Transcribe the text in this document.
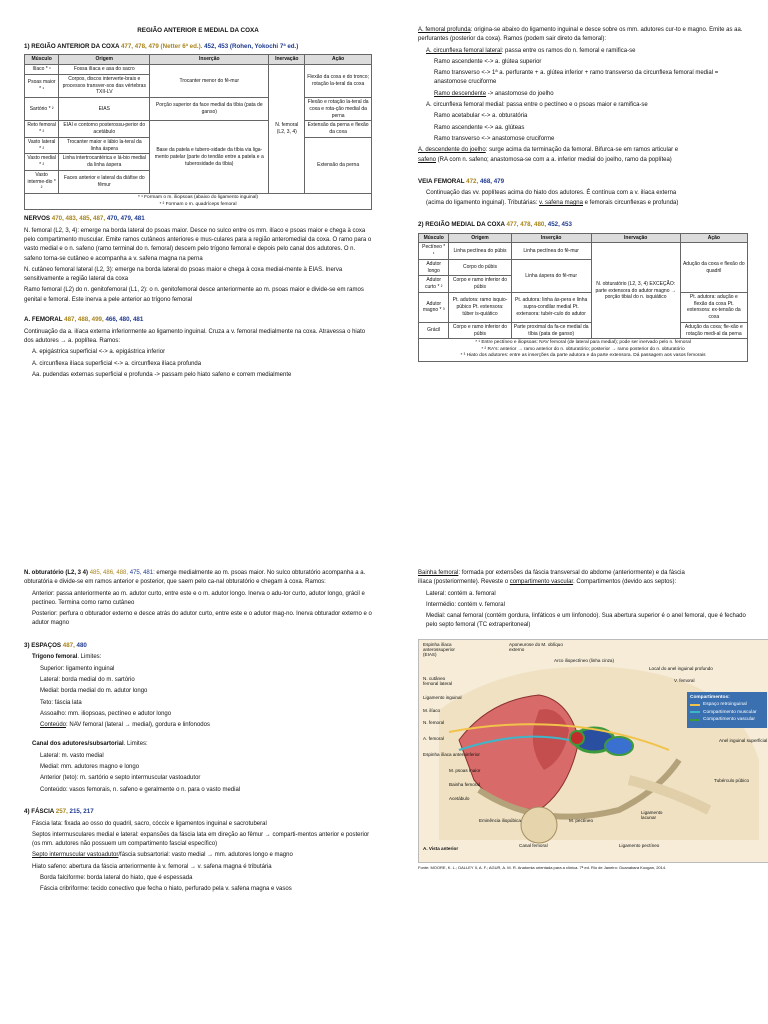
REGIÃO ANTERIOR E MEDIAL DA COXA
1) REGIÃO ANTERIOR DA COXA 477, 478, 479 (Netter 6ª ed.). 452, 453 (Rohen, Yokochi 7ª ed.)
Músculo	Origem	Inserção	Inervação	Ação
Ilíaco * ¹	Fossa ilíaca e asa do sacro	Trocanter menor do fê-mur	N. femoral (L2, 3, 4)	Flexão da coxa e do tronco; rotação la-teral da coxa
Psoas maior * ¹	Corpos, discos interverte-brais e processos transver-sos das vértebras TXII-LV			
Sartório * ²	EIAS	Porção superior da face medial da tíbia (pata de ganso)		Flexão e rotação la-teral da coxa e rota-ção medial da perna
Reto femoral * ²	EIAI e contorno posterossu-perior do acetábulo	Base da patela e tubero-sidade da tíbia via liga-mento patelar (parte do tendão entre a patela e a tuberosidade da tíbia)		Extensão da perna e flexão da coxa
Vasto lateral * ²	Trocanter maior e lábio la-teral da linha áspera			Extensão da perna
Vasto medial * ²	Linha intertrocantérica e lá-bio medial da linha áspera			
Vasto interme-dio * ²	Faces anterior e lateral da diáfise do fêmur			

* ¹ Formam o m. iliopsoas (abaixo do ligamento inguinal)
* ² Formam o m. quadríceps femoral				
NERVOS 470, 483, 485, 487, 470, 479, 481

N. femoral (L2, 3, 4): emerge na borda lateral do psoas maior. Desce no sulco entre os mm. ilíaco e psoas maior e chega à coxa pelo compartimento muscular. Emite ramos cutâneos anteriores e mus-culares para a região anteromedial da coxa. O ramo para o vasto medial e o n. safeno (ramo terminal do n. femoral) descem pelo trígono femoral e depois pelo canal dos adutores. O n. safeno torna-se cutâneo e acompanha a v. safena magna na perna

N. cutâneo femoral lateral (L2, 3): emerge na borda lateral do psoas maior e chega à coxa medial-mente à EIAS. Inerva sensitivamente a região lateral da coxa

Ramo femoral (L2) do n. genitofemoral (L1, 2): o n. genitofemoral desce anteriormente ao m. psoas maior e divide-se em ramos genital e femoral. Este inerva a pele anterior ao trígono femoral

A. FEMORAL 487, 488, 499, 466, 480, 481

Continuação da a. ilíaca externa inferiormente ao ligamento inguinal. Cruza a v. femoral medialmente na coxa. Atravessa o hiato dos adutores → a. poplítea. Ramos:

A. epigástrica superficial <-> a. epigástrica inferior

A. circunflexa ilíaca superficial <-> a. circunflexa ilíaca profunda

Aa. pudendas externas superficial e profunda -> passam pelo hiato safeno e correm medialmente

A. femoral profunda: origina-se abaixo do ligamento inguinal e desce sobre os mm. adutores cur-to e magno. Emite as aa. perfurantes (posterior da coxa). Ramos (podem sair direto da femoral):

A. circunflexa femoral lateral: passa entre os ramos do n. femoral e ramifica-se

Ramo ascendente <-> a. glútea superior

Ramo transverso <-> 1ª a. perfurante + a. glútea inferior + ramo transverso da circunflexa femoral medial = anastomose cruciforme

Ramo descendente -> anastomose do joelho

A. circunflexa femoral medial: passa entre o pectíneo e o psoas maior e ramifica-se

Ramo acetabular <-> a. obturatória

Ramo ascendente <-> aa. glúteas

Ramo transverso <-> anastomose cruciforme

A. descendente do joelho: surge acima da terminação da femoral. Bifurca-se em ramos articular e
safeno (RA com n. safeno; anastomosa-se com a a. inferior medial do joelho, ramo da poplítea)

VEIA FEMORAL 472, 468, 479

Continuação das vv. poplíteas acima do hiato dos adutores. É contínua com a v. ilíaca externa
(acima do ligamento inguinal). Tributárias: v. safena magna e femorais circunflexas e profunda)

2) REGIÃO MEDIAL DA COXA 477, 478, 480, 452, 453
Músculo	Origem	Inserção	Inervação	Ação
Pectíneo * ¹	Linha pectínea do púbis	Linha pectínea do fê-mur	N. obturatório (L2, 3, 4) EXCEÇÃO: parte extensora do adutor magno → porção tibial do n. isquiático	Adução da coxa e flexão do quadril
Adutor longo	Corpo do púbis	Linha áspera do fê-mur		
Adutor curto * ²	Corpo e ramo inferior do púbis			
Adutor magno * ³	Pt. adutora: ramo isquio-púbico Pt. extensora: túber is-quiático	Pt. adutora: linha ás-pera e linha supra-condilar medial Pt. extensora: tubér-culo do adutor		Pt. adutora: adução e flexão da coxa Pt. extensora: ex-tensão da coxa
Grácil	Corpo e ramo inferior do púbis	Parte proximal da fa-ce medial da tíbia (pata de ganso)		Adução da coxa; fle-xão e rotação medi-al da perna

* ¹ Entre pectíneo e iliopsoas: NAV femoral (de lateral para medial); pode ser inervado pelo n. femoral
* ² RA's: anterior → ramo anterior do n. obturatório; posterior → ramo posterior do n. obturatório
* ³ Hiato dos adutores: entre as inserções da parte adutora e da parte extensora. Dá passagem aos vasos femorais				

N. obturatório (L2, 3 4) 485, 486, 488, 475, 481: emerge medialmente ao m. psoas maior. No sulco obturatório acompanha a a. obturatória e divide-se em ramos anterior e posterior, que saem pelo ca-nal obturatório e chegam à coxa. Ramos:

Anterior: passa anteriormente ao m. adutor curto, entre este e o m. adutor longo. Inerva o adu-tor curto, adutor longo, grácil e pectíneo. Termina como ramo cutâneo

Posterior: perfura o obturador externo e desce atrás do adutor curto, entre este e o adutor mag-no. Inerva obturador externo e o adutor magno

3) ESPAÇOS 487, 480

Trígono femoral. Limites:

Superior: ligamento inguinal

Lateral: borda medial do m. sartório

Medial: borda medial do m. adutor longo

Teto: fáscia lata

Assoalho: mm. iliopsoas, pectíneo e adutor longo

Conteúdo: NAV femoral (lateral → medial), gordura e linfonodos

Canal dos adutores/subsartorial. Limites:

Lateral: m. vasto medial

Medial: mm. adutores magno e longo

Anterior (teto): m. sartório e septo intermuscular vastoadutor

Conteúdo: vasos femorais, n. safeno e geralmente o n. para o vasto medial

4) FÁSCIA 257, 215, 217

Fáscia lata: fixada ao osso do quadril, sacro, cóccix e ligamentos inguinal e sacrotuberal

Septos intermusculares medial e lateral: expansões da fáscia lata em direção ao fêmur → comparti-mentos anterior e posterior (os mm. adutores não possuem um compartimento fascial específico)

Septo intermuscular vastoadutor/fáscia subsartorial: vasto medial → mm. adutores longo e magno

Hiato safeno: abertura da fáscia anteriormente à v. femoral → v. safena magna é tributária

Borda falciforme: borda lateral do hiato, que é espessada

Fáscia cribriforme: tecido conectivo que fecha o hiato, perfurado pela v. safena magna e vasos

Bainha femoral: formada por extensões da fáscia transversal do abdome (anteriormente) e da fáscia
ilíaca (posteriormente). Reveste o compartimento vascular. Compartimentos (devido aos septos):

Lateral: contém a. femoral

Intermédio: contém v. femoral

Medial: canal femoral (contém gordura, linfáticos e um linfonodo). Sua abertura superior é o anel femoral, que é fechado pelo septo femoral (TC extraperitoneal)

Espinha ilíaca anterossuperior (EIAS)
Aponeurose do M. oblíquo externo
Arco iliopectíneo (linha cinza)
Local do anel inguinal profundo
V. femoral
N. cutâneo femoral lateral
Ligamento inguinal
M. ilíaco
N. femoral
A. femoral
Espinha ilíaca anteroinferior
M. psoas maior
Bainha femoral
Acetábulo
Eminência iliopúbica	M. pectíneo
Ligamento lacunar
Canal femoral	Ligamento pectíneo
Anel inguinal superficial
Tubérculo púbico
A. Vista anterior
Compartimentos:
Espaço retroinguinal
Compartimento muscular
Compartimento vascular
Fonte: MOORE, K. L.; DALLEY II, A. F.; AGUR, A. M. R. Anatomia orientada para a clínica. 7ª ed. Rio de Janeiro: Guanabara Koogan, 2014.
